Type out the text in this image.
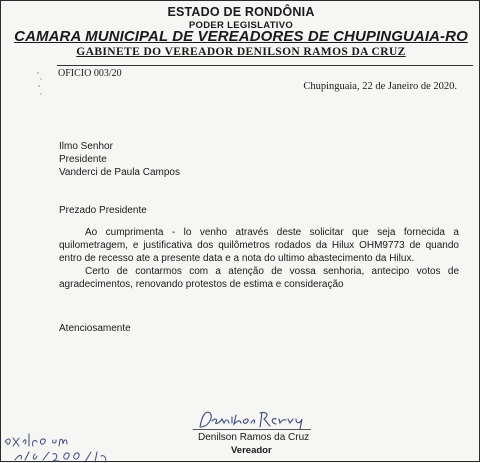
ESTADO DE RONDÔNIA
PODER LEGISLATIVO
CAMARA MUNICIPAL DE VEREADORES DE CHUPINGUAIA-RO
GABINETE DO VEREADOR DENILSON RAMOS DA CRUZ
OFICIO 003/20
Chupinguaia, 22 de Janeiro de 2020.
Ilmo Senhor
Presidente
Vanderci de Paula Campos
Prezado Presidente
Ao cumprimenta - lo venho através deste solicitar que seja fornecida a quilometragem, e justificativa dos quilômetros rodados da Hilux OHM9773 de quando entro de recesso ate a presente data e a nota do ultimo abastecimento da Hilux.
Certo de contarmos com a atenção de vossa senhoria, antecipo votos de agradecimentos, renovando protestos de estima e consideração
Atenciosamente
Denilson Ramos da Cruz
Vereador
